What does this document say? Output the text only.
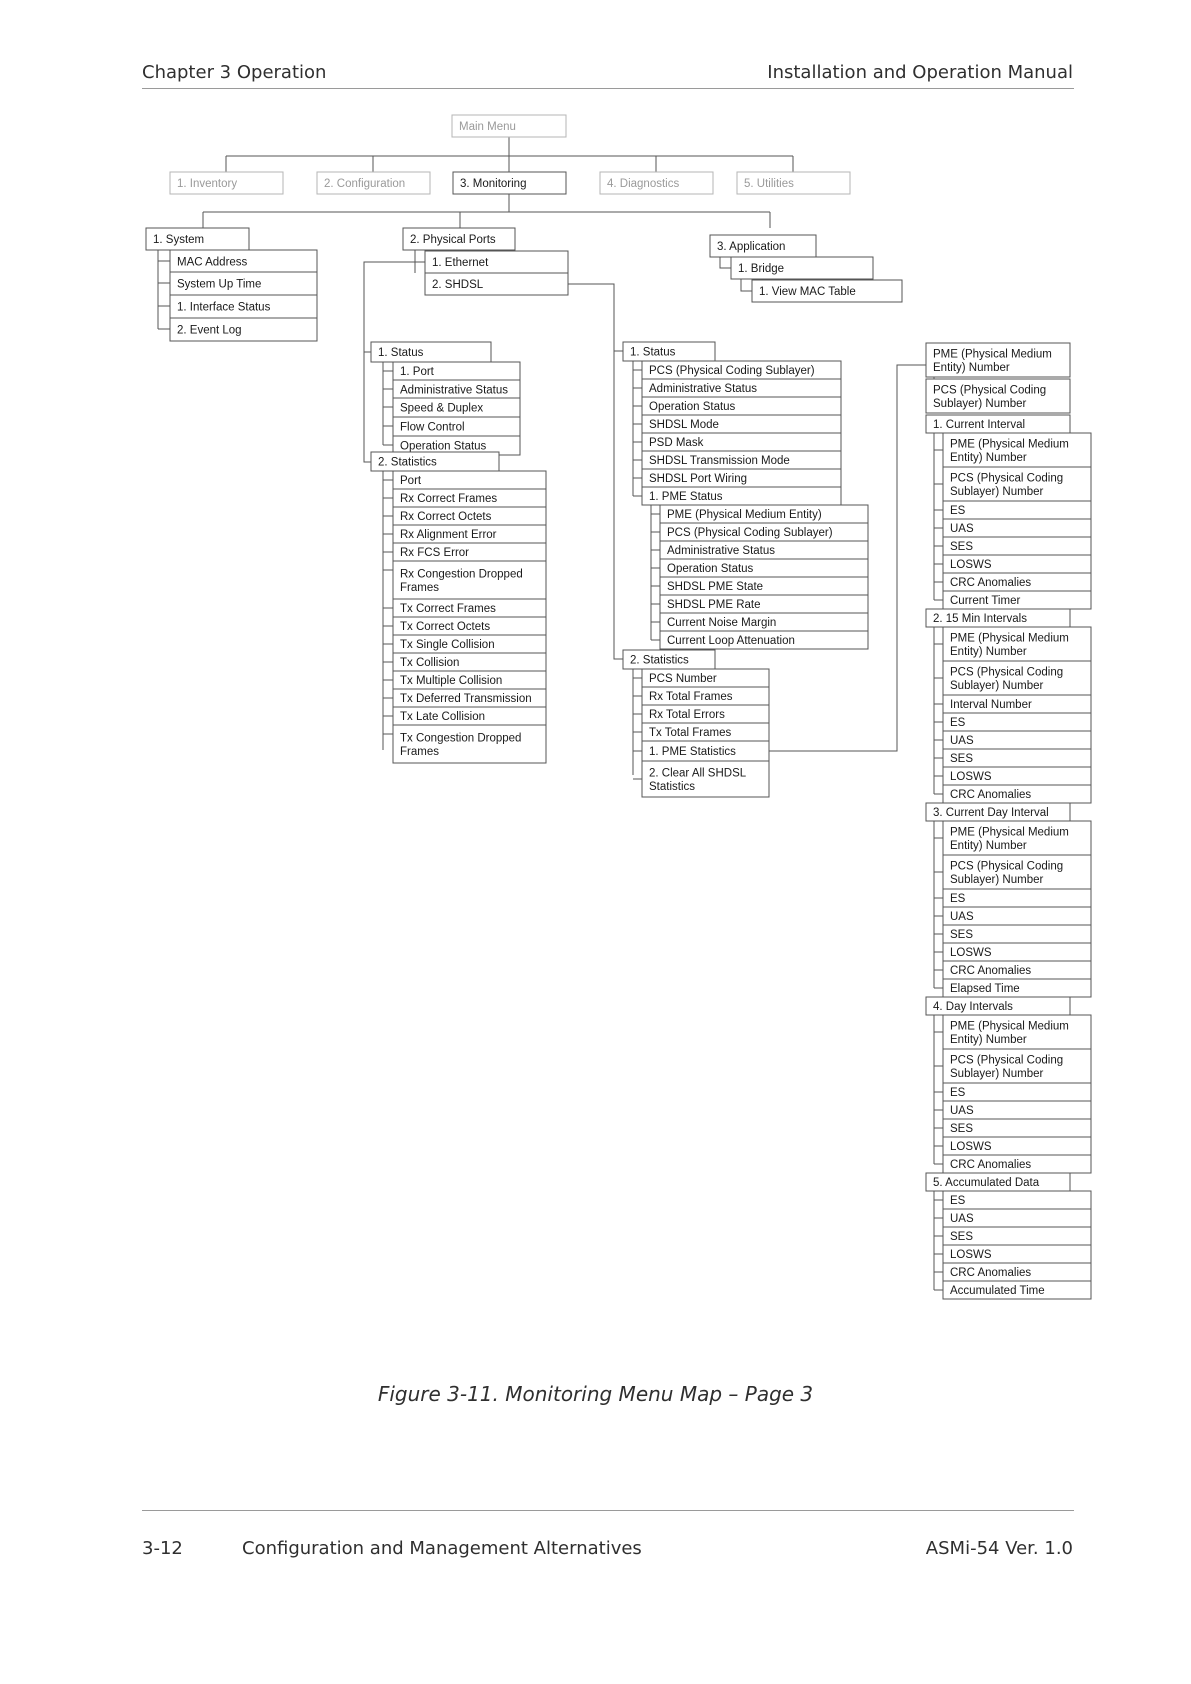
Chapter 3 Operation	Installation and Operation Manual
Main Menu
1. Inventory	2. Configuration	3. Monitoring	4. Diagnostics	5. Utilities
1. System
MAC Address
System Up Time
1. Interface Status
2. Event Log
2. Physical Ports
1. Ethernet
2. SHDSL
3. Application
1. Bridge
1. View MAC Table
1. Status
1. Port
Administrative Status
Speed & Duplex
Flow Control
Operation Status
2. Statistics
Port
Rx Correct Frames
Rx Correct Octets
Rx Alignment Error
Rx FCS Error
Rx Congestion Dropped
Frames
Tx Correct Frames
Tx Correct Octets
Tx Single Collision
Tx Collision
Tx Multiple Collision
Tx Deferred Transmission
Tx Late Collision
Tx Congestion Dropped
Frames
1. Status
PCS (Physical Coding Sublayer)
Administrative Status
Operation Status
SHDSL Mode
PSD Mask
SHDSL Transmission Mode
SHDSL Port Wiring
1. PME Status
PME (Physical Medium Entity)
PCS (Physical Coding Sublayer)
Administrative Status
Operation Status
SHDSL PME State
SHDSL PME Rate
Current Noise Margin
Current Loop Attenuation
2. Statistics
PCS Number
Rx Total Frames
Rx Total Errors
Tx Total Frames
1. PME Statistics
2. Clear All SHDSL
Statistics
PME (Physical Medium
Entity) Number
PCS (Physical Coding
Sublayer) Number
1. Current Interval
PME (Physical Medium
Entity) Number
PCS (Physical Coding
Sublayer) Number
ES
UAS
SES
LOSWS
CRC Anomalies
Current Timer
2. 15 Min Intervals
PME (Physical Medium
Entity) Number
PCS (Physical Coding
Sublayer) Number
Interval Number
ES
UAS
SES
LOSWS
CRC Anomalies
3. Current Day Interval
PME (Physical Medium
Entity) Number
PCS (Physical Coding
Sublayer) Number
ES
UAS
SES
LOSWS
CRC Anomalies
Elapsed Time
4. Day Intervals
PME (Physical Medium
Entity) Number
PCS (Physical Coding
Sublayer) Number
ES
UAS
SES
LOSWS
CRC Anomalies
5. Accumulated Data
ES
UAS
SES
LOSWS
CRC Anomalies
Accumulated Time
Figure 3-11. Monitoring Menu Map – Page 3
3-12	Configuration and Management Alternatives	ASMi-54 Ver. 1.0
